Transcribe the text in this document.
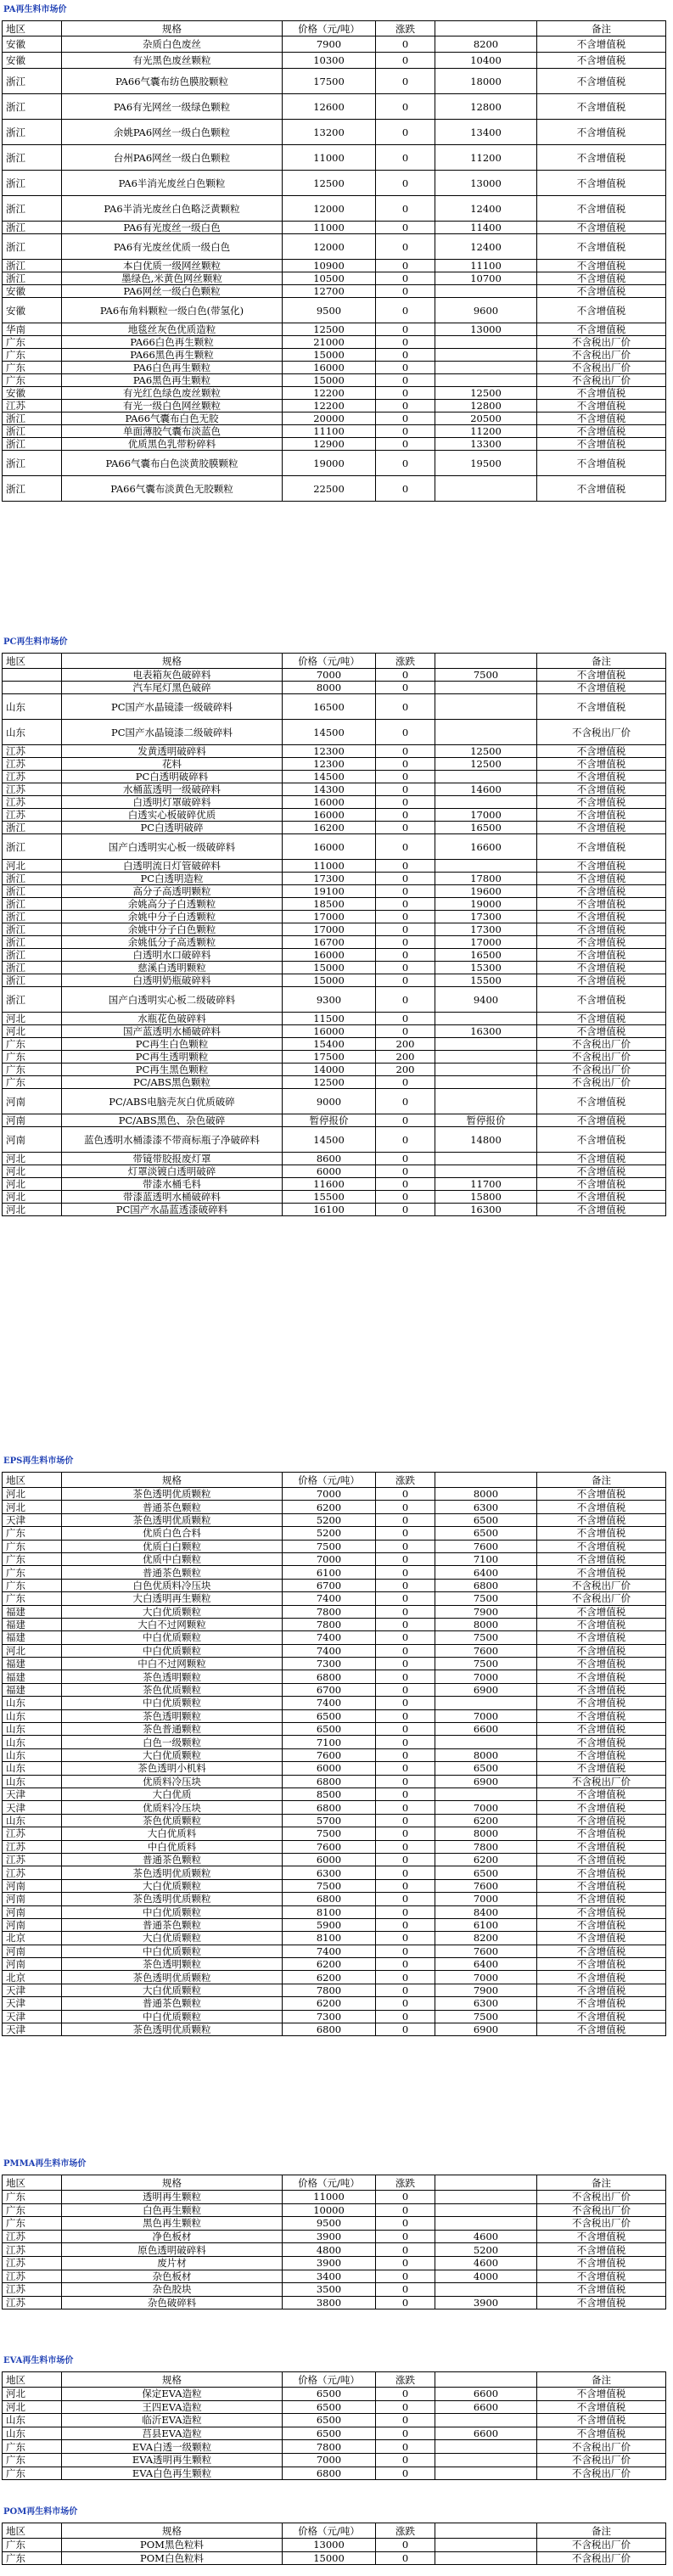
PA再生料市场价
地区	规格	价格（元/吨）	涨跌		备注
安徽	杂质白色废丝	7900	0	8200	不含增值税
安徽	有光黑色废丝颗粒	10300	0	10400	不含增值税
浙江	PA66气囊布纺色膜胶颗粒	17500	0	18000	不含增值税
浙江	PA6有光网丝一级绿色颗粒	12600	0	12800	不含增值税
浙江	余姚PA6网丝一级白色颗粒	13200	0	13400	不含增值税
浙江	台州PA6网丝一级白色颗粒	11000	0	11200	不含增值税
浙江	PA6半消光废丝白色颗粒	12500	0	13000	不含增值税
浙江	PA6半消光废丝白色略泛黄颗粒	12000	0	12400	不含增值税
浙江	PA6有光废丝一级白色	11000	0	11400	不含增值税
浙江	PA6有光废丝优质一级白色	12000	0	12400	不含增值税
浙江	本白优质一级网丝颗粒	10900	0	11100	不含增值税
浙江	墨绿色,米黄色网丝颗粒	10500	0	10700	不含增值税
安徽	PA6网丝一级白色颗粒	12700	0		不含增值税
安徽	PA6布角料颗粒一级白色(带氢化)	9500	0	9600	不含增值税
华南	地毯丝灰色优质造粒	12500	0	13000	不含增值税
广东	PA66白色再生颗粒	21000	0		不含税出厂价
广东	PA66黑色再生颗粒	15000	0		不含税出厂价
广东	PA6白色再生颗粒	16000	0		不含税出厂价
广东	PA6黑色再生颗粒	15000	0		不含税出厂价
安徽	有光红色绿色废丝颗粒	12200	0	12500	不含增值税
江苏	有光一级白色网丝颗粒	12200	0	12800	不含增值税
浙江	PA66气囊布白色无胶	20000	0	20500	不含增值税
浙江	单面薄胶气囊布淡蓝色	11100	0	11200	不含增值税
浙江	优质黑色乳带粉碎料	12900	0	13300	不含增值税
浙江	PA66气囊布白色淡黄胶膜颗粒	19000	0	19500	不含增值税
浙江	PA66气囊布淡黄色无胶颗粒	22500	0		不含增值税
PC再生料市场价
地区	规格	价格（元/吨）	涨跌		备注
	电表箱灰色破碎料	7000	0	7500	不含增值税
	汽车尾灯黑色破碎	8000	0		不含增值税
山东	PC国产水晶镜漆一级破碎料	16500	0		不含增值税
山东	PC国产水晶镜漆二级破碎料	14500	0		不含税出厂价
江苏	发黄透明破碎料	12300	0	12500	不含增值税
江苏	花料	12300	0	12500	不含增值税
江苏	PC白透明破碎料	14500	0		不含增值税
江苏	水桶蓝透明一级破碎料	14300	0	14600	不含增值税
江苏	白透明灯罩破碎料	16000	0		不含增值税
江苏	白透实心板破碎优质	16000	0	17000	不含增值税
浙江	PC白透明破碎	16200	0	16500	不含增值税
浙江	国产白透明实心板一级破碎料	16000	0	16600	不含增值税
河北	白透明流日灯管破碎料	11000	0		不含增值税
浙江	PC白透明造粒	17300	0	17800	不含增值税
浙江	高分子高透明颗粒	19100	0	19600	不含增值税
浙江	余姚高分子白透颗粒	18500	0	19000	不含增值税
浙江	余姚中分子白透颗粒	17000	0	17300	不含增值税
浙江	余姚中分子白色颗粒	17000	0	17300	不含增值税
浙江	余姚低分子高透颗粒	16700	0	17000	不含增值税
浙江	白透明水口破碎料	16000	0	16500	不含增值税
浙江	慈溪白透明颗粒	15000	0	15300	不含增值税
浙江	白透明奶瓶破碎料	15000	0	15500	不含增值税
浙江	国产白透明实心板二级破碎料	9300	0	9400	不含增值税
河北	水瓶花色破碎料	11500	0		不含增值税
河北	国产蓝透明水桶破碎料	16000	0	16300	不含增值税
广东	PC再生白色颗粒	15400	200		不含税出厂价
广东	PC再生透明颗粒	17500	200		不含税出厂价
广东	PC再生黑色颗粒	14000	200		不含税出厂价
广东	PC/ABS黑色颗粒	12500	0		不含税出厂价
河南	PC/ABS电脑壳灰白优质破碎	9000	0		不含增值税
河南	PC/ABS黑色、杂色破碎	暂停报价	0	暂停报价	不含增值税
河南	蓝色透明水桶漆漆不带商标瓶子净破碎料	14500	0	14800	不含增值税
河北	带镜带胶报废灯罩	8600	0		不含增值税
河北	灯罩淡镀白透明破碎	6000	0		不含增值税
河北	带漆水桶毛料	11600	0	11700	不含增值税
河北	带漆蓝透明水桶破碎料	15500	0	15800	不含增值税
河北	PC国产水晶蓝透漆破碎料	16100	0	16300	不含增值税
EPS再生料市场价
地区	规格	价格（元/吨）	涨跌		备注
河北	茶色透明优质颗粒	7000	0	8000	不含增值税
河北	普通茶色颗粒	6200	0	6300	不含增值税
天津	茶色透明优质颗粒	5200	0	6500	不含增值税
广东	优质白色合料	5200	0	6500	不含增值税
广东	优质白白颗粒	7500	0	7600	不含增值税
广东	优质中白颗粒	7000	0	7100	不含增值税
广东	普通茶色颗粒	6100	0	6400	不含增值税
广东	白色优质料冷压块	6700	0	6800	不含税出厂价
广东	大白透明再生颗粒	7400	0	7500	不含税出厂价
福建	大白优质颗粒	7800	0	7900	不含增值税
福建	大白不过网颗粒	7800	0	8000	不含增值税
福建	中白优质颗粒	7400	0	7500	不含增值税
河北	中白优质颗粒	7400	0	7600	不含增值税
福建	中白不过网颗粒	7300	0	7500	不含增值税
福建	茶色透明颗粒	6800	0	7000	不含增值税
福建	茶色优质颗粒	6700	0	6900	不含增值税
山东	中白优质颗粒	7400	0		不含增值税
山东	茶色透明颗粒	6500	0	7000	不含增值税
山东	茶色普通颗粒	6500	0	6600	不含增值税
山东	白色一级颗粒	7100	0		不含增值税
山东	大白优质颗粒	7600	0	8000	不含增值税
山东	茶色透明小机料	6000	0	6500	不含增值税
山东	优质料冷压块	6800	0	6900	不含税出厂价
天津	大白优质	8500	0		不含增值税
天津	优质料冷压块	6800	0	7000	不含增值税
山东	茶色优质颗粒	5700	0	6200	不含增值税
江苏	大白优质料	7500	0	8000	不含增值税
江苏	中白优质料	7600	0	7800	不含增值税
江苏	普通茶色颗粒	6000	0	6200	不含增值税
江苏	茶色透明优质颗粒	6300	0	6500	不含增值税
河南	大白优质颗粒	7500	0	7600	不含增值税
河南	茶色透明优质颗粒	6800	0	7000	不含增值税
河南	中白优质颗粒	8100	0	8400	不含增值税
河南	普通茶色颗粒	5900	0	6100	不含增值税
北京	大白优质颗粒	8100	0	8200	不含增值税
河南	中白优质颗粒	7400	0	7600	不含增值税
河南	茶色透明颗粒	6200	0	6400	不含增值税
北京	茶色透明优质颗粒	6200	0	7000	不含增值税
天津	大白优质颗粒	7800	0	7900	不含增值税
天津	普通茶色颗粒	6200	0	6300	不含增值税
天津	中白优质颗粒	7300	0	7500	不含增值税
天津	茶色透明优质颗粒	6800	0	6900	不含增值税
PMMA再生料市场价
地区	规格	价格（元/吨）	涨跌		备注
广东	透明再生颗粒	11000	0		不含税出厂价
广东	白色再生颗粒	10000	0		不含税出厂价
广东	黑色再生颗粒	9500	0		不含税出厂价
江苏	净色板材	3900	0	4600	不含增值税
江苏	原色透明破碎料	4800	0	5200	不含增值税
江苏	废片材	3900	0	4600	不含增值税
江苏	杂色板材	3400	0	4000	不含增值税
江苏	杂色胶块	3500	0		不含增值税
江苏	杂色破碎料	3800	0	3900	不含增值税
EVA再生料市场价
地区	规格	价格（元/吨）	涨跌		备注
河北	保定EVA造粒	6500	0	6600	不含增值税
河北	王四EVA造粒	6500	0	6600	不含增值税
山东	临沂EVA造粒	6500	0		不含增值税
山东	莒县EVA造粒	6500	0	6600	不含增值税
广东	EVA白透一级颗粒	7800	0		不含税出厂价
广东	EVA透明再生颗粒	7000	0		不含税出厂价
广东	EVA白色再生颗粒	6800	0		不含税出厂价
POM再生料市场价
地区	规格	价格（元/吨）	涨跌		备注
广东	POM黑色粒料	13000	0		不含税出厂价
广东	POM白色粒料	15000	0		不含税出厂价
